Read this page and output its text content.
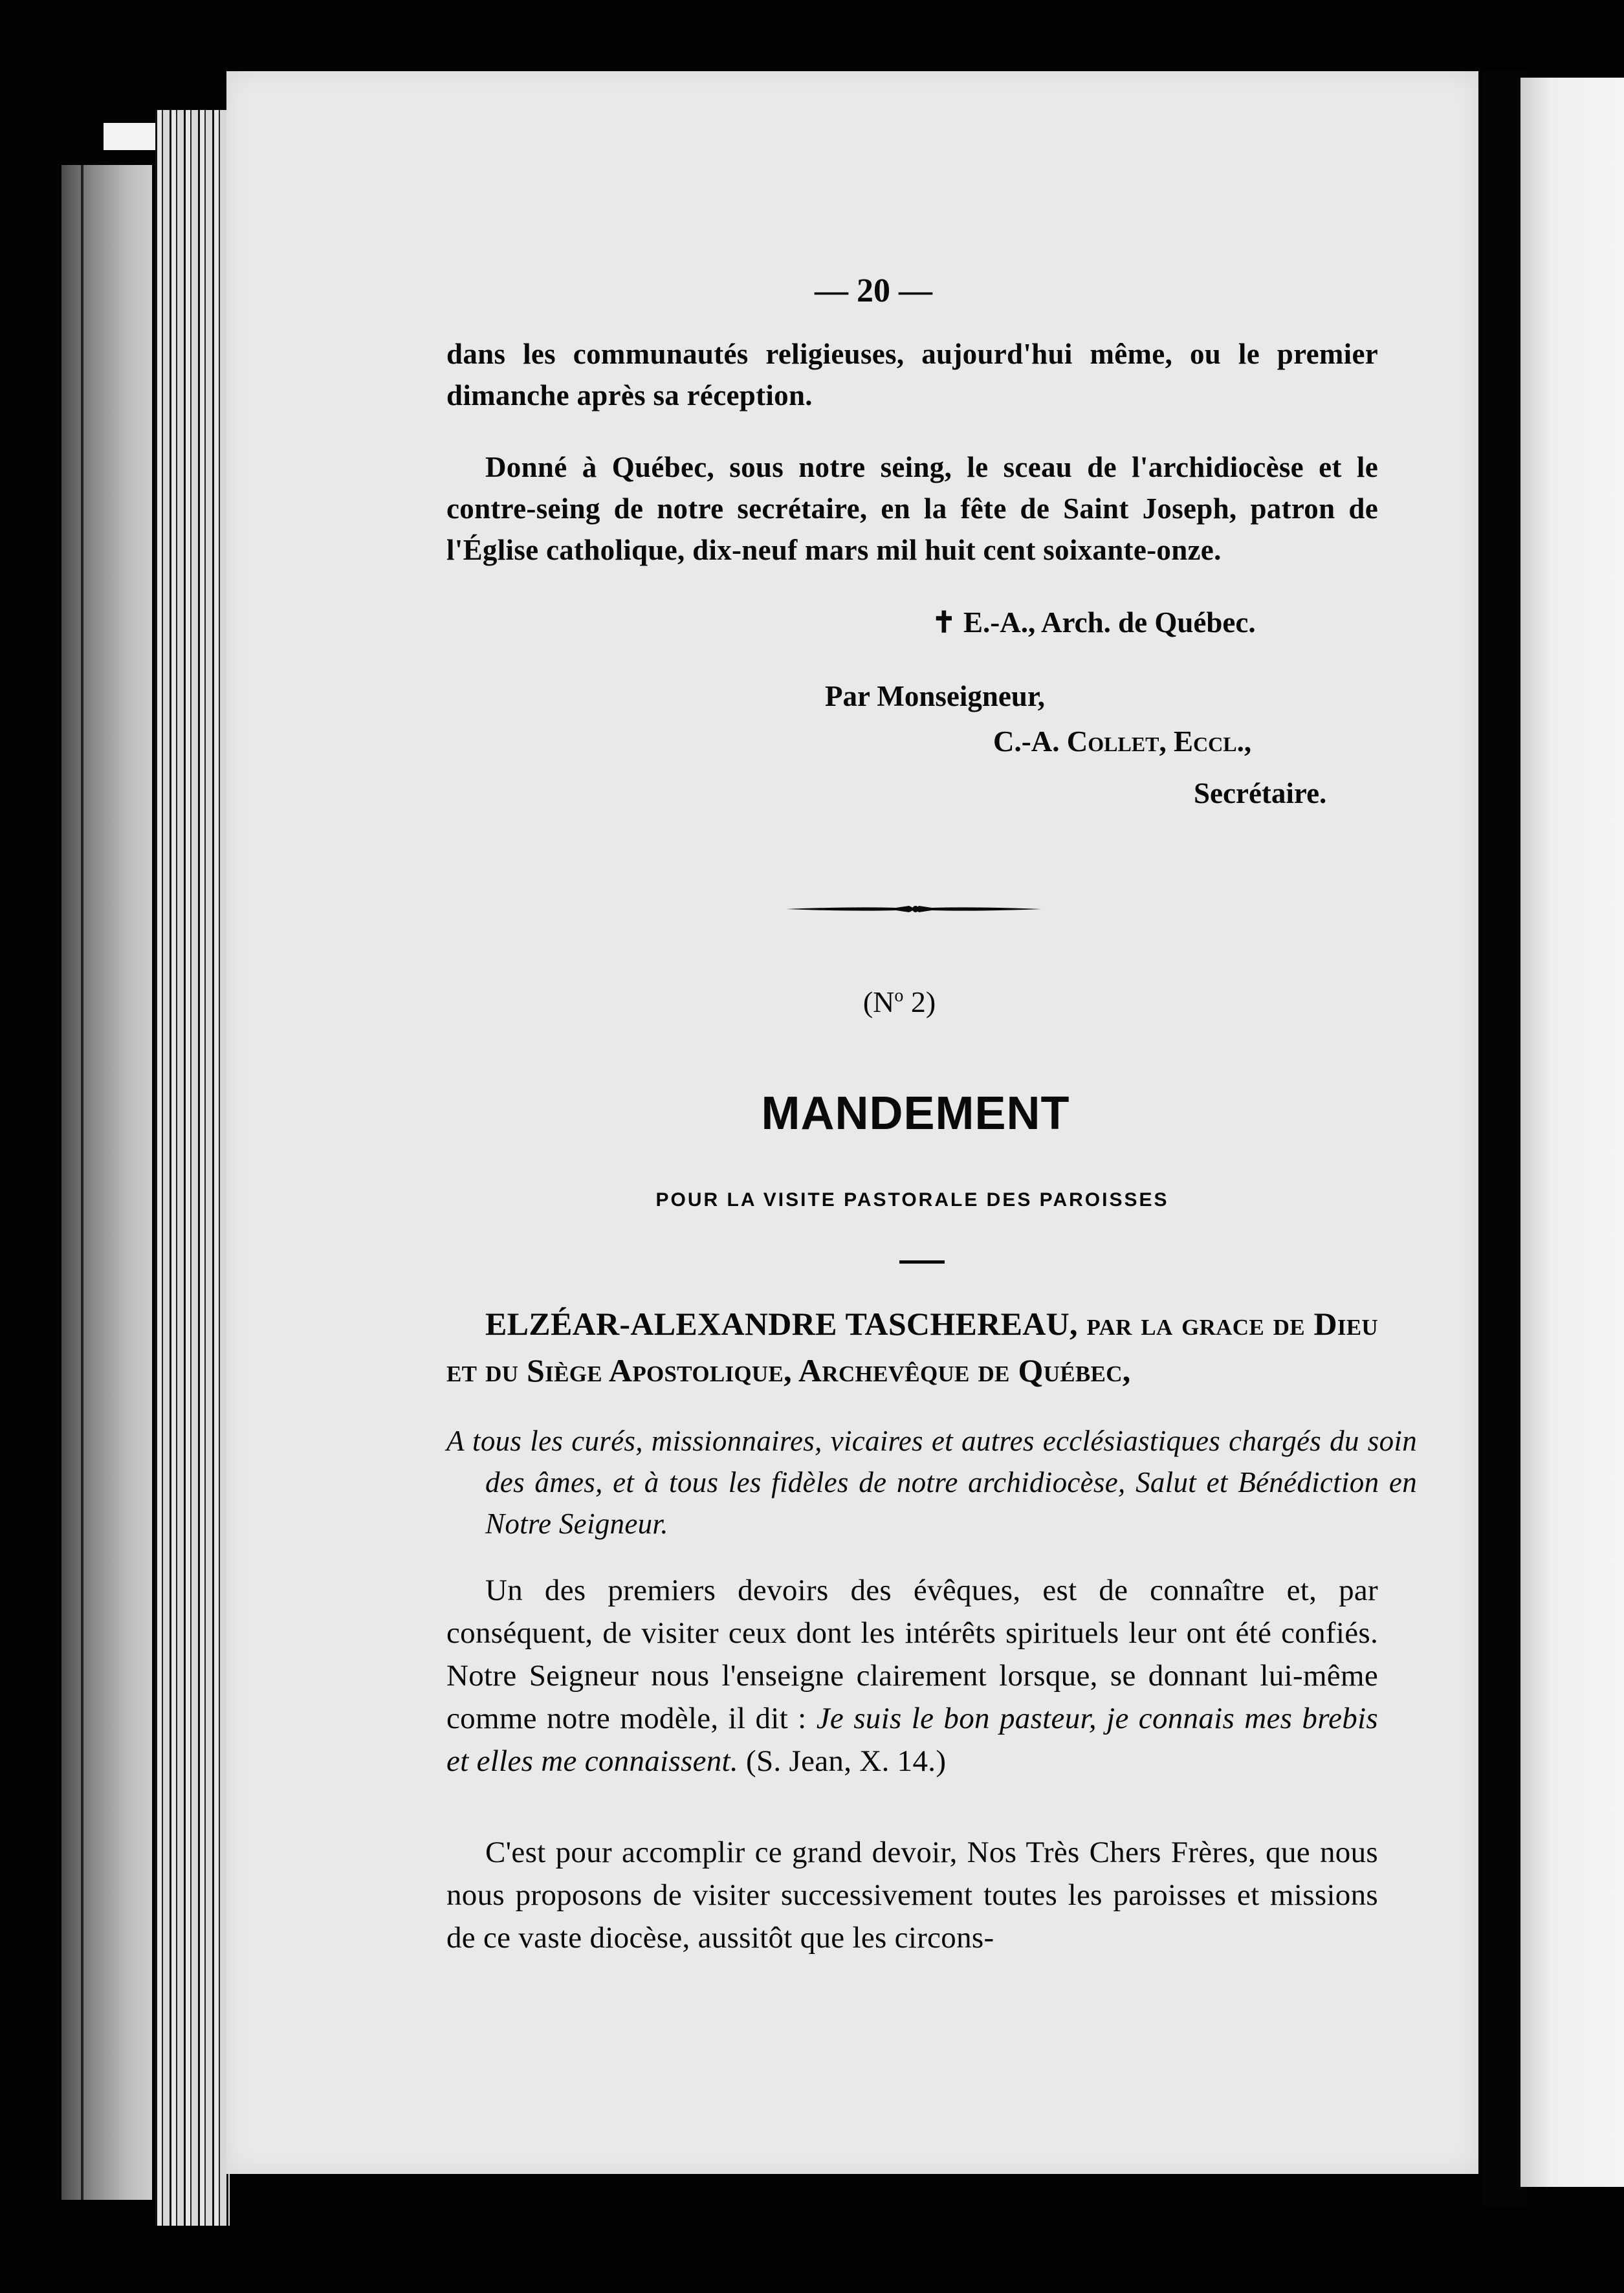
— 20 —

dans les communautés religieuses, aujourd'hui même, ou le premier dimanche après sa réception.

Donné à Québec, sous notre seing, le sceau de l'archidiocèse et le contre-seing de notre secrétaire, en la fête de Saint Joseph, patron de l'Église catholique, dix-neuf mars mil huit cent soixante-onze.

✝ E.-A., Arch. de Québec.
Par Monseigneur,
C.-A. Collet, Eccl.,
Secrétaire.
($N^o$ 2)
MANDEMENT
POUR LA VISITE PASTORALE DES PAROISSES

ELZÉAR-ALEXANDRE TASCHEREAU, par la grace de Dieu et du Siège Apostolique, Archevêque de Québec,

A tous les curés, missionnaires, vicaires et autres ecclésiastiques chargés du soin des âmes, et à tous les fidèles de notre archidiocèse, Salut et Bénédiction en Notre Seigneur.

Un des premiers devoirs des évêques, est de connaître et, par conséquent, de visiter ceux dont les intérêts spirituels leur ont été confiés. Notre Seigneur nous l'enseigne clairement lorsque, se donnant lui-même comme notre modèle, il dit : Je suis le bon pasteur, je connais mes brebis et elles me connaissent. (S. Jean, X. 14.)

C'est pour accomplir ce grand devoir, Nos Très Chers Frères, que nous nous proposons de visiter successivement toutes les paroisses et missions de ce vaste diocèse, aussitôt que les circons-
